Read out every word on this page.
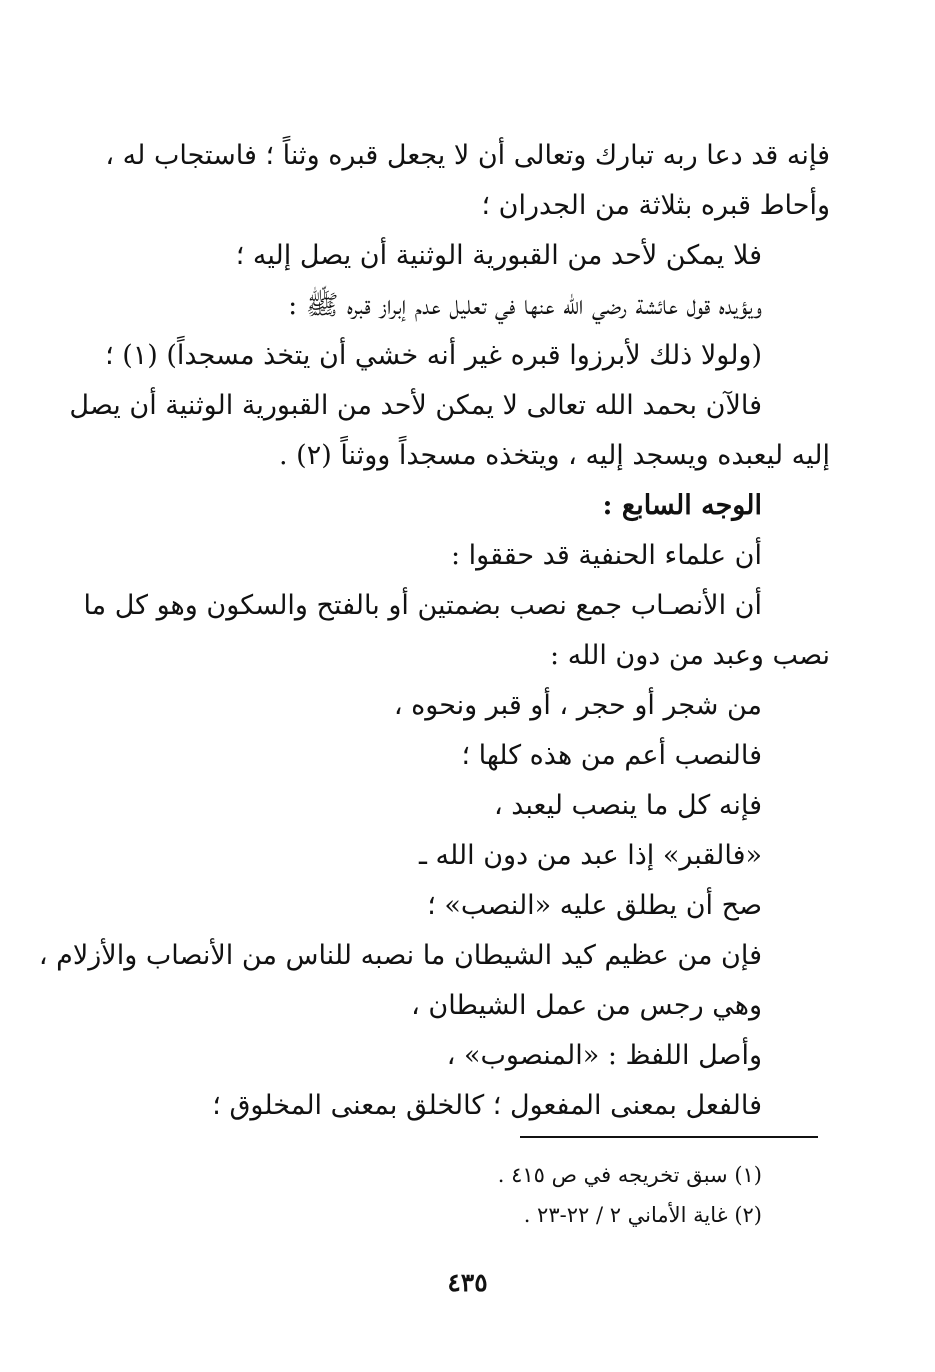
فإنه قد دعا ربه تبارك وتعالى أن لا يجعل قبره وثناً ؛ فاستجاب له ،
وأحاط قبره بثلاثة من الجدران ؛
فلا يمكن لأحد من القبورية الوثنية أن يصل إليه ؛
ويؤيده قول عائشة رضي الله عنها في تعليل عدم إبراز قبره ﷺ :
(ولولا ذلك لأبرزوا قبره غير أنه خشي أن يتخذ مسجداً) (١) ؛
فالآن بحمد الله تعالى لا يمكن لأحد من القبورية الوثنية أن يصل
إليه ليعبده ويسجد إليه ، ويتخذه مسجداً ووثناً (٢) .
الوجه السابع :
أن علماء الحنفية قد حققوا :
أن الأنصـاب جمع نصب بضمتين أو بالفتح والسكون وهو كل ما
نصب وعبد من دون الله :
من شجر أو حجر ، أو قبر ونحوه ،
فالنصب أعم من هذه كلها ؛
فإنه كل ما ينصب ليعبد ،
«فالقبر» إذا عبد من دون الله ـ
صح أن يطلق عليه «النصب» ؛
فإن من عظيم كيد الشيطان ما نصبه للناس من الأنصاب والأزلام ،
وهي رجس من عمل الشيطان ،
وأصل اللفظ : «المنصوب» ،
فالفعل بمعنى المفعول ؛ كالخلق بمعنى المخلوق ؛
(١) سبق تخريجه في ص ٤١٥ .
(٢) غاية الأماني ٢ / ٢٢-٢٣ .
٤٣٥
